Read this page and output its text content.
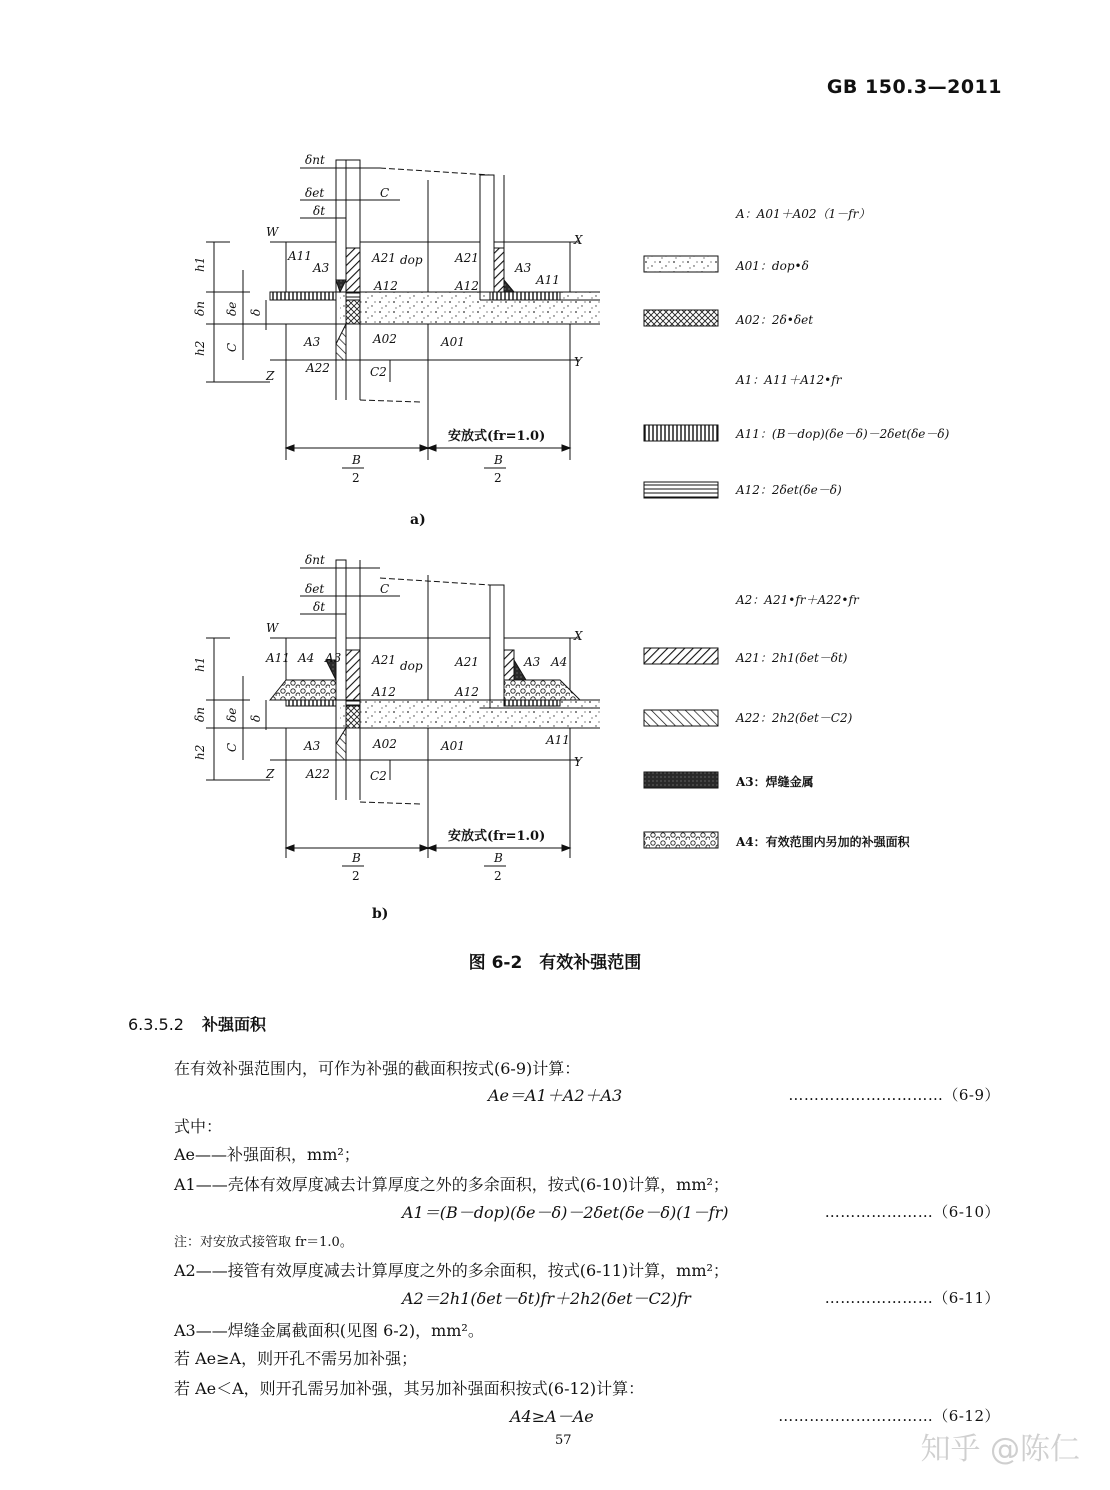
GB 150.3—2011
δnt
δet
δt
C
W
X
Y
Z
h1
δn
h2
δe δ
C
A11
A3
A21 dop
A12
A02	A01
A3
A22	C2
A21
A12
A3
A11
安放式(fr=1.0)
B
2
B
2
δnt
δet
δt
C
W
X
Y
Z
h1
δn
h2
δe δ
C
A11 A4 A3	A21 dop
A12
A02	A01
A3
A22	C2
A21
A12
A3 A4
A11
安放式(fr=1.0)
B
2
B
2
A：A01＋A02（1－fr）
A01：dop•δ
A02：2δ•δet
A1：A11＋A12•fr
A11：(B－dop)(δe－δ)－2δet(δe－δ)
A12：2δet(δe－δ)
A2：A21•fr＋A22•fr
A21：2h1(δet－δt)
A22：2h2(δet－C2)
A3：焊缝金属
A4：有效范围内另加的补强面积
a)
b)
图 6-2　有效补强范围
6.3.5.2 补强面积
在有效补强范围内，可作为补强的截面积按式(6-9)计算：
Ae＝A1＋A2＋A3	…………………………（6-9）
式中：
Ae——补强面积，mm²；
A1——壳体有效厚度减去计算厚度之外的多余面积，按式(6-10)计算，mm²；
A1＝(B－dop)(δe－δ)－2δet(δe－δ)(1－fr)	…………………（6-10）
注：对安放式接管取 fr＝1.0。
A2——接管有效厚度减去计算厚度之外的多余面积，按式(6-11)计算，mm²；
A2＝2h1(δet－δt)fr＋2h2(δet－C2)fr	…………………（6-11）
A3——焊缝金属截面积(见图 6-2)，mm²。
若 Ae≥A，则开孔不需另加补强；
若 Ae＜A，则开孔需另加补强，其另加补强面积按式(6-12)计算：
A4≥A－Ae	…………………………（6-12）
57	知乎 @陈仁
